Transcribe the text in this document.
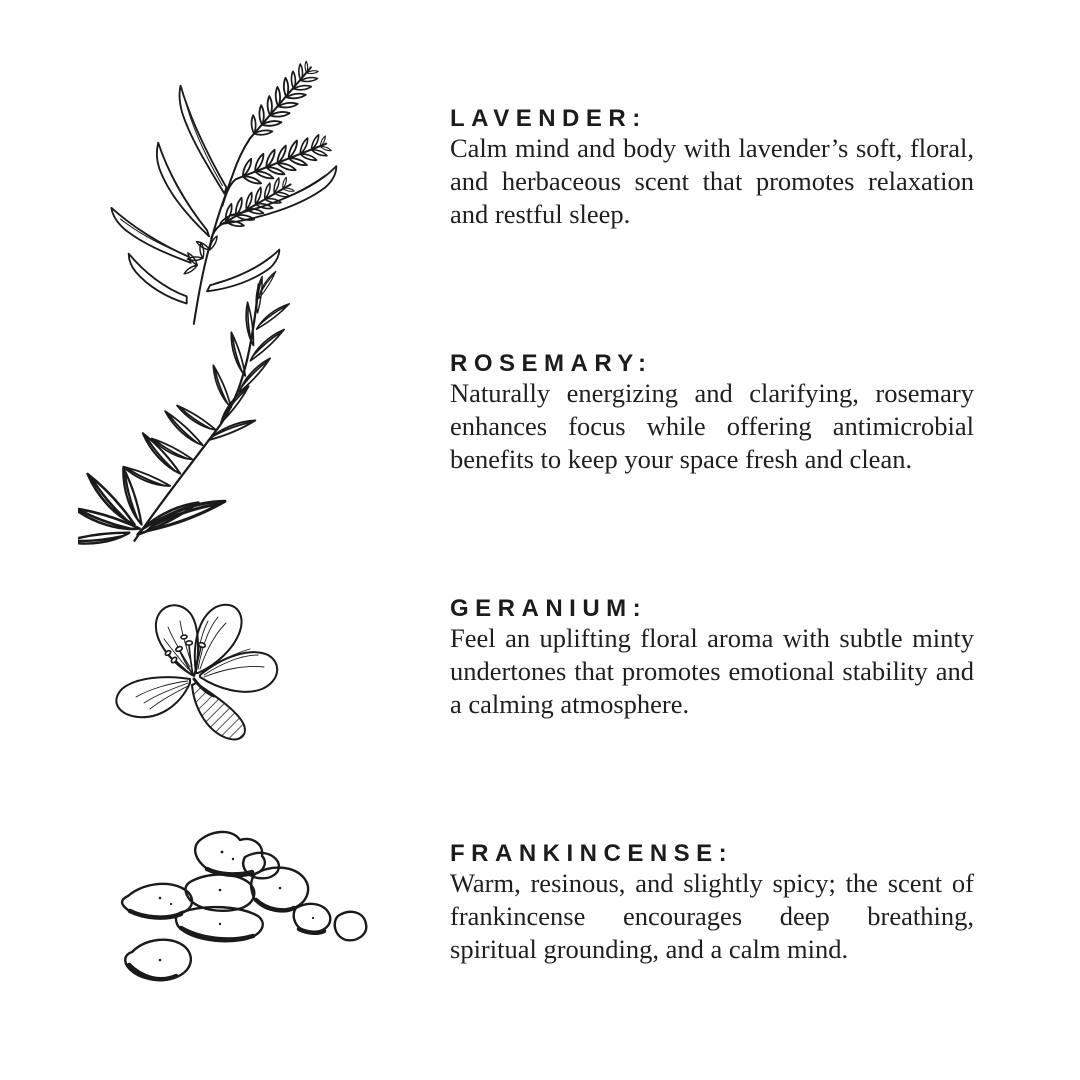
LAVENDER:

Calm mind and body with lavender’s soft, floral, and herbaceous scent that promotes relaxation and restful sleep.

ROSEMARY:

Naturally energizing and clarifying, rosemary enhances focus while offering antimicrobial benefits to keep your space fresh and clean.

GERANIUM:

Feel an uplifting floral aroma with subtle minty undertones that promotes emotional stability and a calming atmosphere.

FRANKINCENSE:

Warm, resinous, and slightly spicy; the scent of frankincense encourages deep breathing, spiritual grounding, and a calm mind.
